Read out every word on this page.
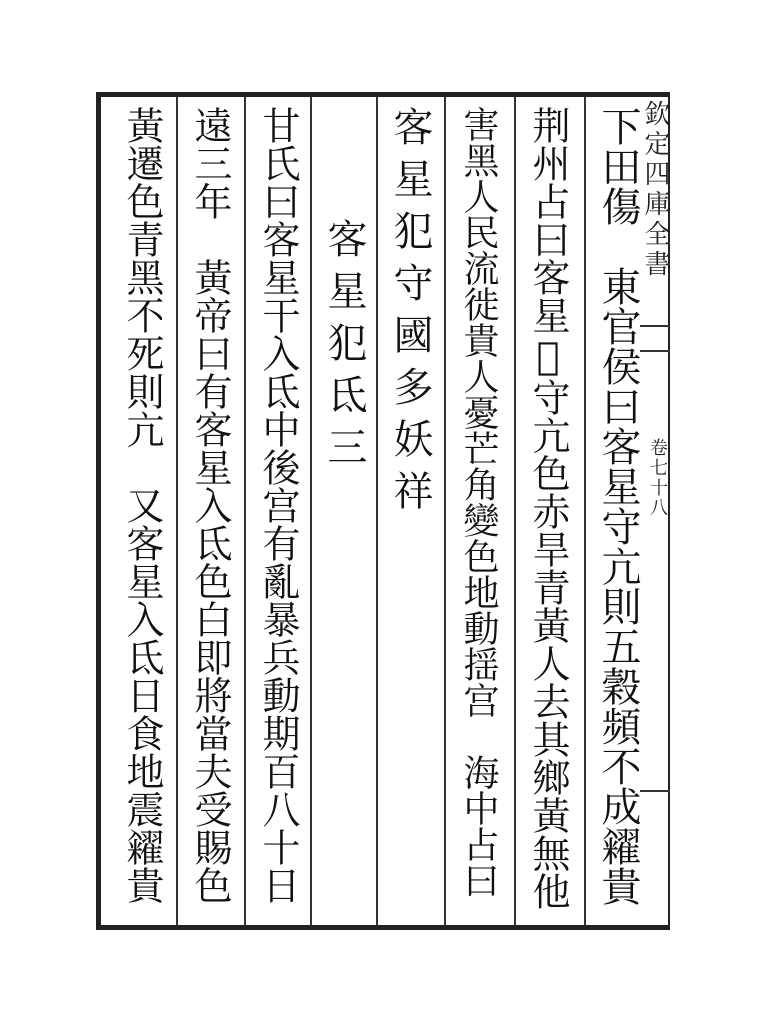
欽定四庫全書
卷七十八
下田傷　東官侯曰客星守亢則五穀頻不成糴貴
荆州占曰客星𤄊守亢色赤旱青黃人去其鄉黃無他
害黑人民流徙貴人憂芒角變色地動揺宫　海中占曰
客星犯守國多妖祥
客星犯氐三
甘氏曰客星干入氐中後宫有亂暴兵動期百八十日
遠三年　黃帝曰有客星入氐色白即將當夫受賜色
黃遷色青黑不死則亢　又客星入氐日食地震糴貴
